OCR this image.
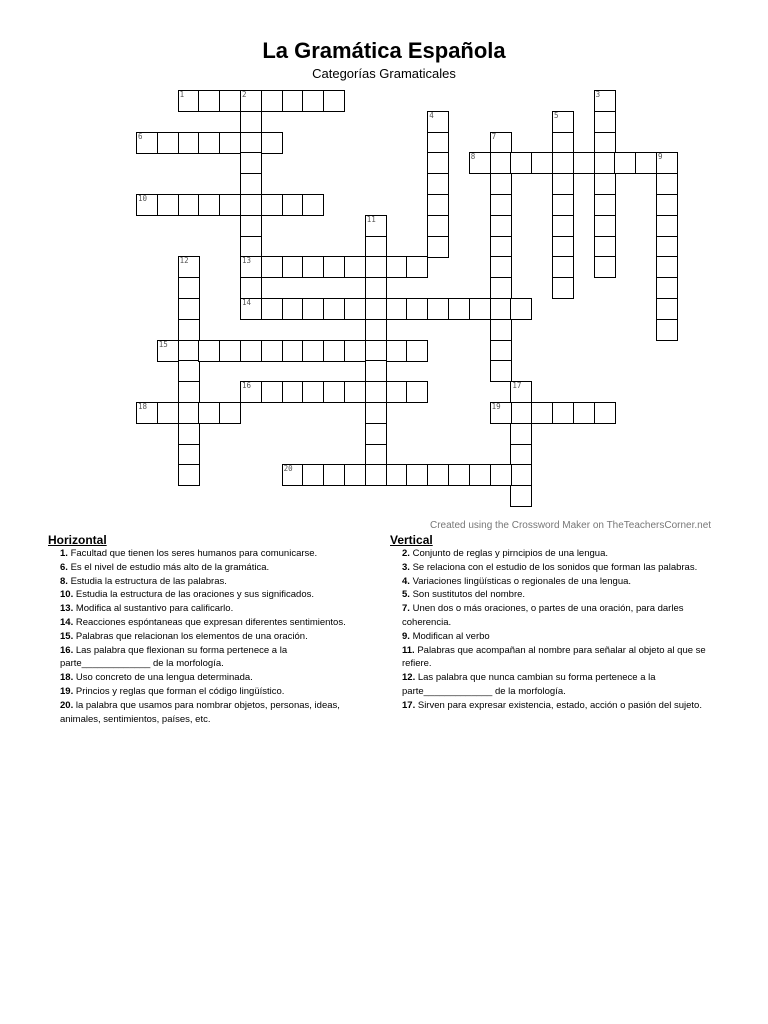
La Gramática Española
Categorías Gramaticales
1	2
13
14
3
4	5
6	7
8	9
10
11
12
15
16	17
18	19
20
Created using the Crossword Maker on TheTeachersCorner.net
Horizontal
1. Facultad que tienen los seres humanos para comunicarse.
6. Es el nivel de estudio más alto de la gramática.
8. Estudia la estructura de las palabras.
10. Estudia la estructura de las oraciones y sus significados.
13. Modifica al sustantivo para calificarlo.
14. Reacciones espóntaneas que expresan diferentes sentimientos.
15. Palabras que relacionan los elementos de una oración.
16. Las palabra que flexionan su forma pertenece a la parte_____________ de la morfología.
18. Uso concreto de una lengua determinada.
19. Princios y reglas que forman el código lingüístico.
20. la palabra que usamos para nombrar objetos, personas, ideas, animales, sentimientos, países, etc.
Vertical
2. Conjunto de reglas y pirncipios de una lengua.
3. Se relaciona con el estudio de los sonidos que forman las palabras.
4. Variaciones lingüísticas o regionales de una lengua.
5. Son sustitutos del nombre.
7. Unen dos o más oraciones, o partes de una oración, para darles coherencia.
9. Modifican al verbo
11. Palabras que acompañan al nombre para señalar al objeto al que se refiere.
12. Las palabra que nunca cambian su forma pertenece a la parte_____________ de la morfología.
17. Sirven para expresar existencia, estado, acción o pasión del sujeto.
